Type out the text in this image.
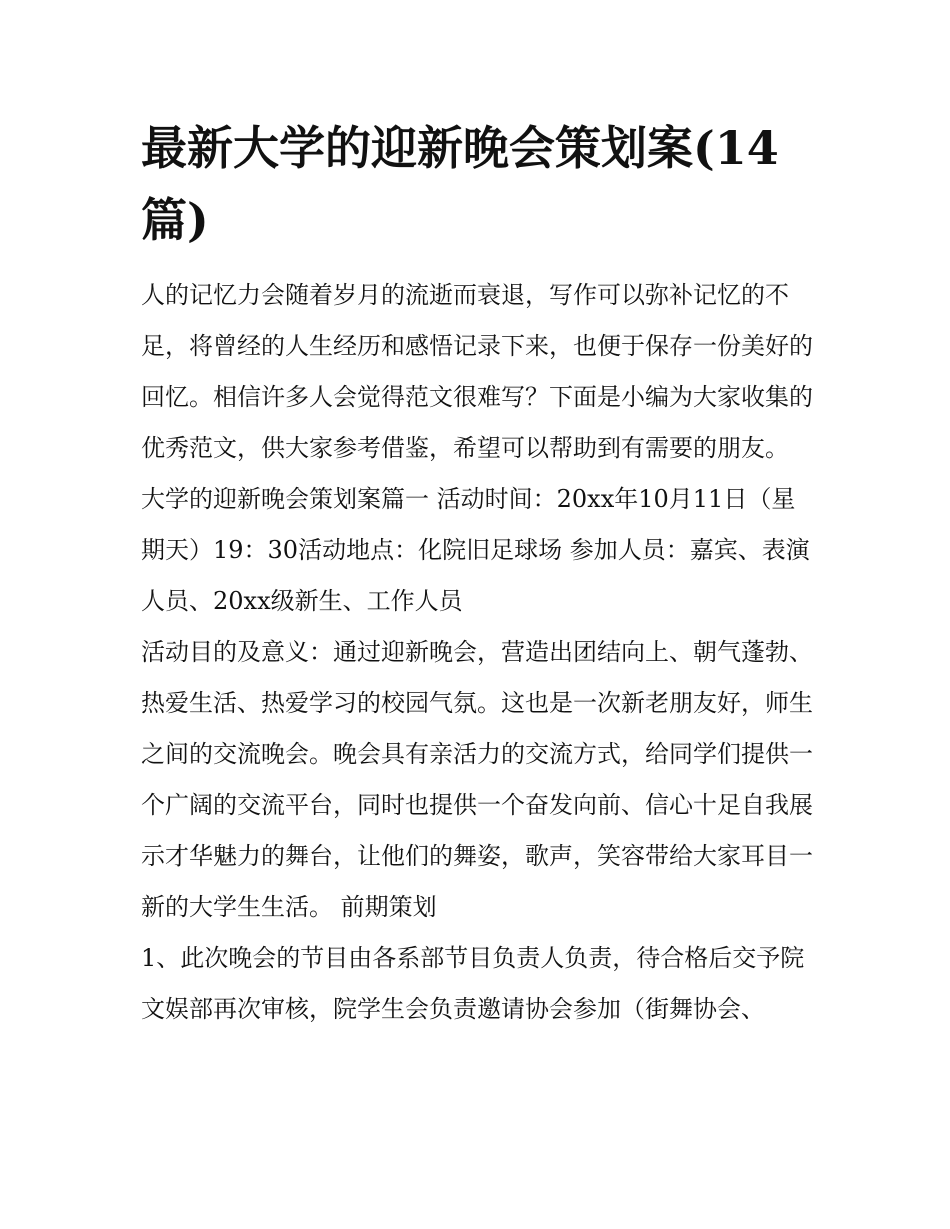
最新大学的迎新晚会策划案(14篇)

人的记忆力会随着岁月的流逝而衰退，写作可以弥补记忆的不足，将曾经的人生经历和感悟记录下来，也便于保存一份美好的回忆。相信许多人会觉得范文很难写？下面是小编为大家收集的优秀范文，供大家参考借鉴，希望可以帮助到有需要的朋友。

大学的迎新晚会策划案篇一 活动时间：20xx年10月11日（星期天）19：30活动地点：化院旧足球场 参加人员：嘉宾、表演人员、20xx级新生、工作人员

活动目的及意义：通过迎新晚会，营造出团结向上、朝气蓬勃、热爱生活、热爱学习的校园气氛。这也是一次新老朋友好，师生之间的交流晚会。晚会具有亲活力的交流方式，给同学们提供一个广阔的交流平台，同时也提供一个奋发向前、信心十足自我展示才华魅力的舞台，让他们的舞姿，歌声，笑容带给大家耳目一新的大学生生活。 前期策划

1、此次晚会的节目由各系部节目负责人负责，待合格后交予院文娱部再次审核，院学生会负责邀请协会参加（街舞协会、
